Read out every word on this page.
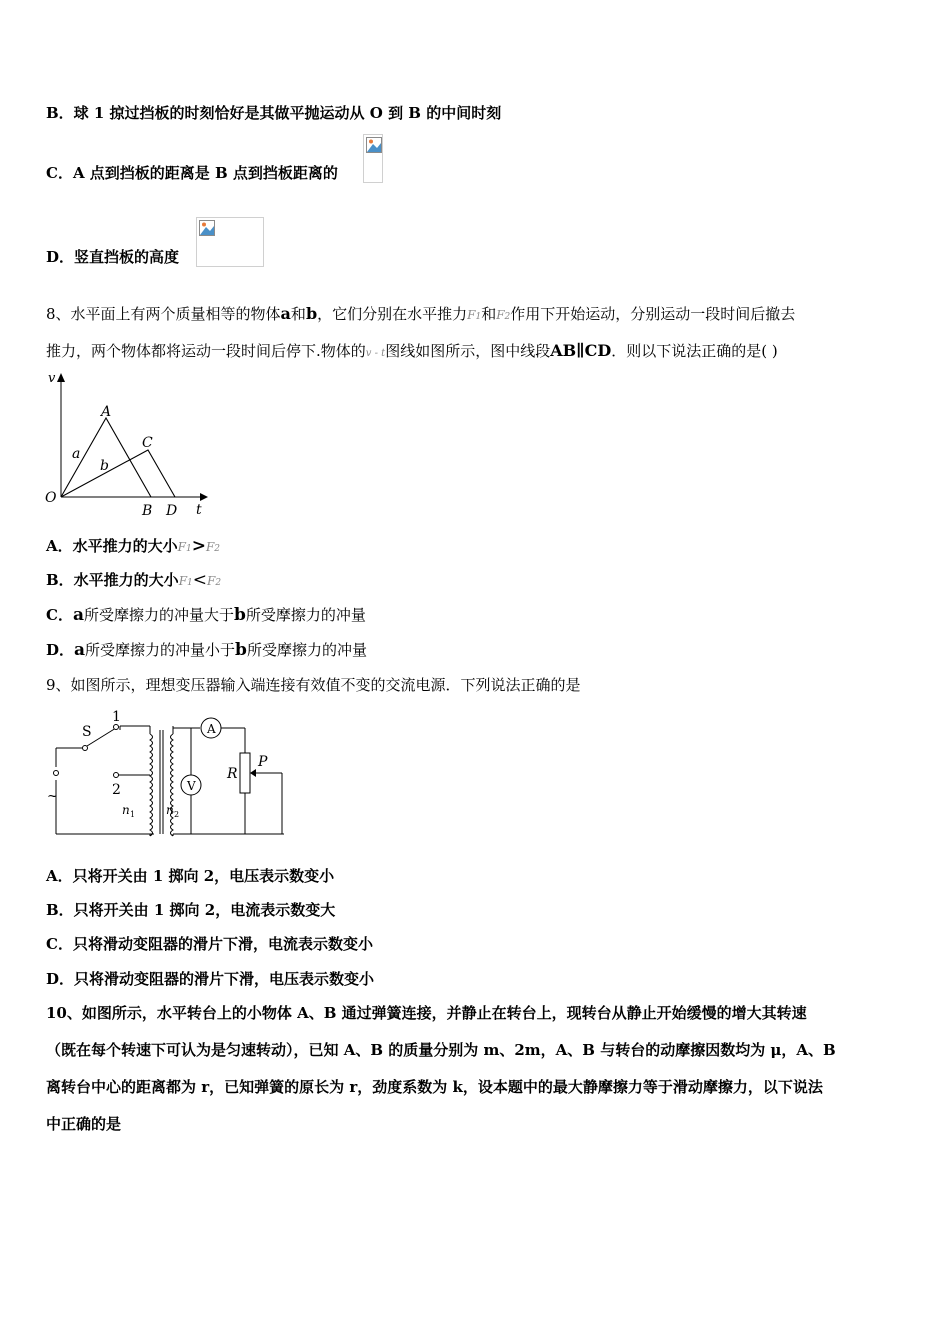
B．球 1 掠过挡板的时刻恰好是其做平抛运动从 O 到 B 的中间时刻
C．A 点到挡板的距离是 B 点到挡板距离的
D．竖直挡板的高度
8、水平面上有两个质量相等的物体a和b，它们分别在水平推力F1和F2作用下开始运动，分别运动一段时间后撤去
推力，两个物体都将运动一段时间后停下.物体的v - t图线如图所示，图中线段AB∥CD．则以下说法正确的是( )
v
t
O
A
B
C
D
a
b
A．水平推力的大小F1>F2
B．水平推力的大小F1<F2
C．a所受摩擦力的冲量大于b所受摩擦力的冲量
D．a所受摩擦力的冲量小于b所受摩擦力的冲量
9、如图所示，理想变压器输入端连接有效值不变的交流电源．下列说法正确的是
~
S
1
2
n 1	n 2
A
V
R
P
A．只将开关由 1 掷向 2，电压表示数变小
B．只将开关由 1 掷向 2，电流表示数变大
C．只将滑动变阻器的滑片下滑，电流表示数变小
D．只将滑动变阻器的滑片下滑，电压表示数变小
10、如图所示，水平转台上的小物体 A、B 通过弹簧连接，并静止在转台上，现转台从静止开始缓慢的增大其转速
（既在每个转速下可认为是匀速转动），已知 A、B 的质量分别为 m、2m，A、B 与转台的动摩擦因数均为 μ，A、B
离转台中心的距离都为 r，已知弹簧的原长为 r，劲度系数为 k，设本题中的最大静摩擦力等于滑动摩擦力，以下说法
中正确的是
